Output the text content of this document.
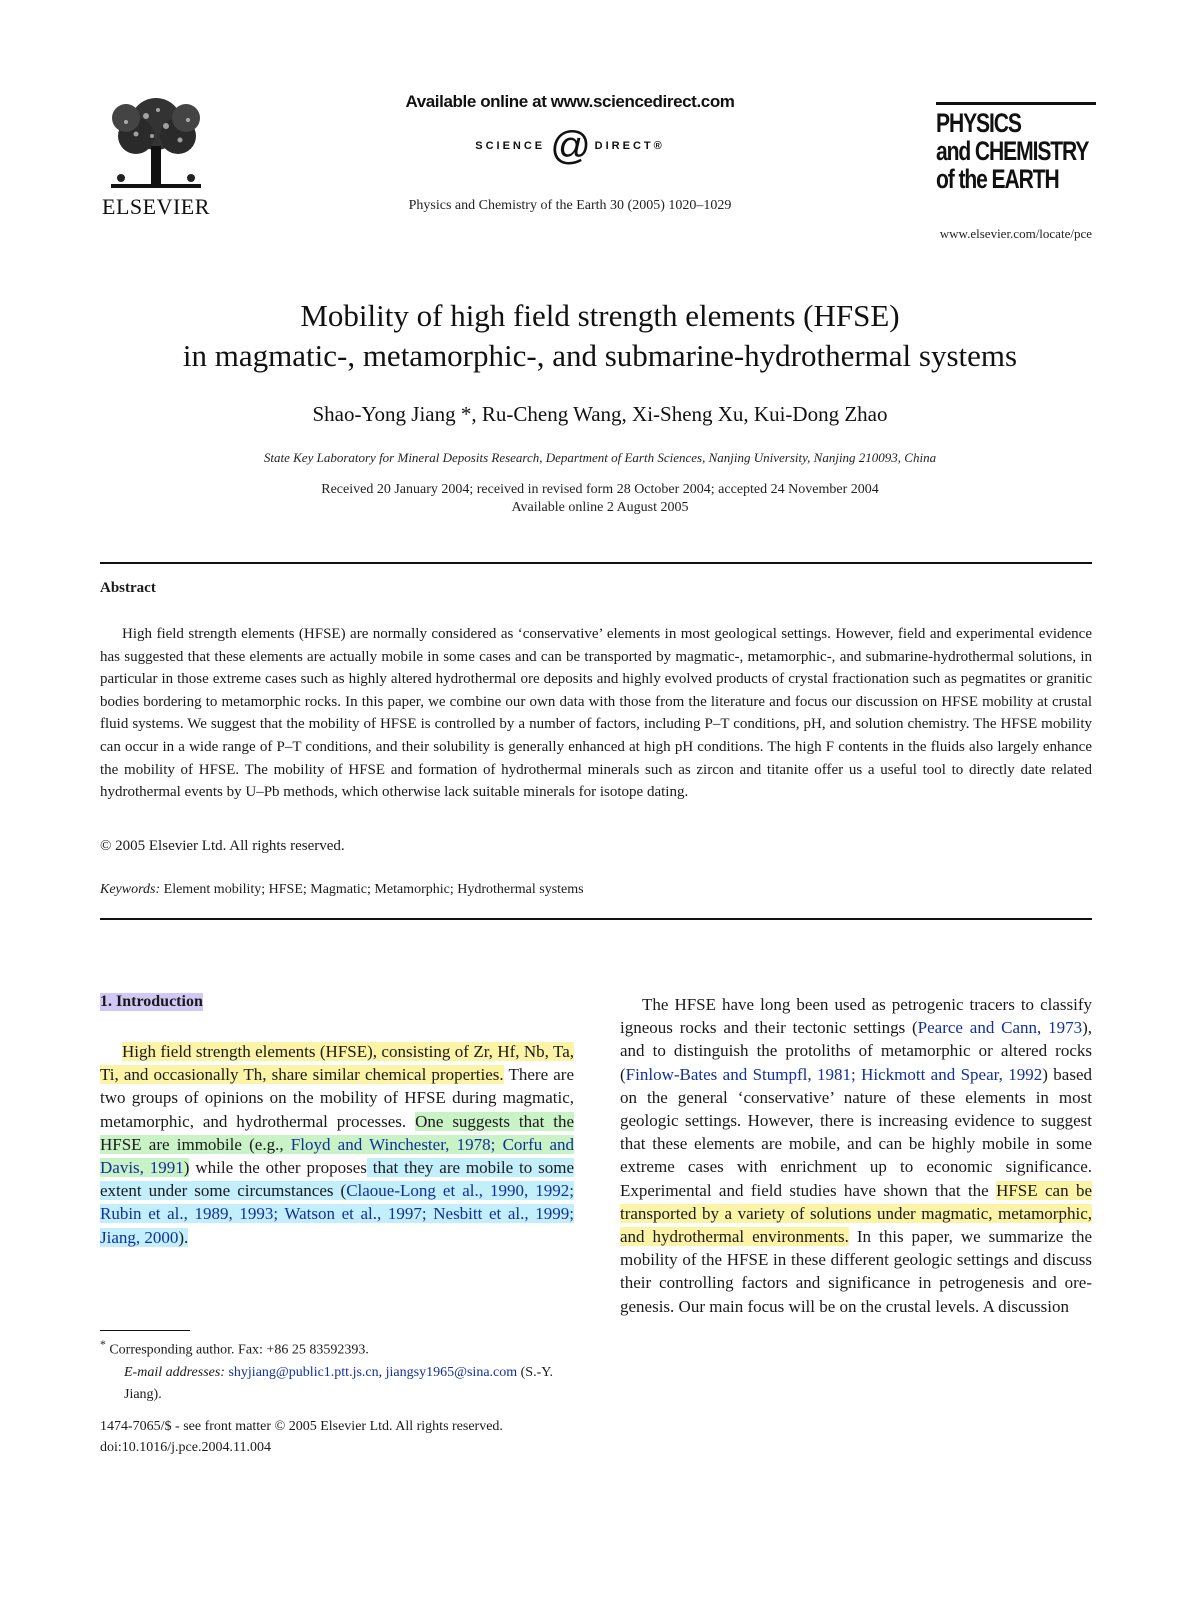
ELSEVIER
Available online at www.sciencedirect.com
SCIENCE @ DIRECT®
Physics and Chemistry of the Earth 30 (2005) 1020–1029
PHYSICS
and CHEMISTRY
of the EARTH
www.elsevier.com/locate/pce
Mobility of high field strength elements (HFSE)
in magmatic-, metamorphic-, and submarine-hydrothermal systems
Shao-Yong Jiang *, Ru-Cheng Wang, Xi-Sheng Xu, Kui-Dong Zhao
State Key Laboratory for Mineral Deposits Research, Department of Earth Sciences, Nanjing University, Nanjing 210093, China
Received 20 January 2004; received in revised form 28 October 2004; accepted 24 November 2004
Available online 2 August 2005
Abstract

High field strength elements (HFSE) are normally considered as ‘conservative’ elements in most geological settings. However, field and experimental evidence has suggested that these elements are actually mobile in some cases and can be transported by magmatic-, metamorphic-, and submarine-hydrothermal solutions, in particular in those extreme cases such as highly altered hydrothermal ore deposits and highly evolved products of crystal fractionation such as pegmatites or granitic bodies bordering to metamorphic rocks. In this paper, we combine our own data with those from the literature and focus our discussion on HFSE mobility at crustal fluid systems. We suggest that the mobility of HFSE is controlled by a number of factors, including P–T conditions, pH, and solution chemistry. The HFSE mobility can occur in a wide range of P–T conditions, and their solubility is generally enhanced at high pH conditions. The high F contents in the fluids also largely enhance the mobility of HFSE. The mobility of HFSE and formation of hydrothermal minerals such as zircon and titanite offer us a useful tool to directly date related hydrothermal events by U–Pb methods, which otherwise lack suitable minerals for isotope dating.

© 2005 Elsevier Ltd. All rights reserved.
Keywords: Element mobility; HFSE; Magmatic; Metamorphic; Hydrothermal systems
1. Introduction
High field strength elements (HFSE), consisting of Zr, Hf, Nb, Ta, Ti, and occasionally Th, share similar chemical properties. There are two groups of opinions on the mobility of HFSE during magmatic, metamorphic, and hydrothermal processes. One suggests that the HFSE are immobile (e.g., Floyd and Winchester, 1978; Corfu and Davis, 1991) while the other proposes that they are mobile to some extent under some circumstances (Claoue-Long et al., 1990, 1992; Rubin et al., 1989, 1993; Watson et al., 1997; Nesbitt et al., 1999; Jiang, 2000).
The HFSE have long been used as petrogenic tracers to classify igneous rocks and their tectonic settings (Pearce and Cann, 1973), and to distinguish the protoliths of metamorphic or altered rocks (Finlow-Bates and Stumpfl, 1981; Hickmott and Spear, 1992) based on the general ‘conservative’ nature of these elements in most geologic settings. However, there is increasing evidence to suggest that these elements are mobile, and can be highly mobile in some extreme cases with enrichment up to economic significance. Experimental and field studies have shown that the HFSE can be transported by a variety of solutions under magmatic, metamorphic, and hydrothermal environments. In this paper, we summarize the mobility of the HFSE in these different geologic settings and discuss their controlling factors and significance in petrogenesis and ore-genesis. Our main focus will be on the crustal levels. A discussion
* Corresponding author. Fax: +86 25 83592393.
E-mail addresses: shyjiang@public1.ptt.js.cn, jiangsy1965@sina.com (S.-Y. Jiang).
1474-7065/$ - see front matter © 2005 Elsevier Ltd. All rights reserved.
doi:10.1016/j.pce.2004.11.004
